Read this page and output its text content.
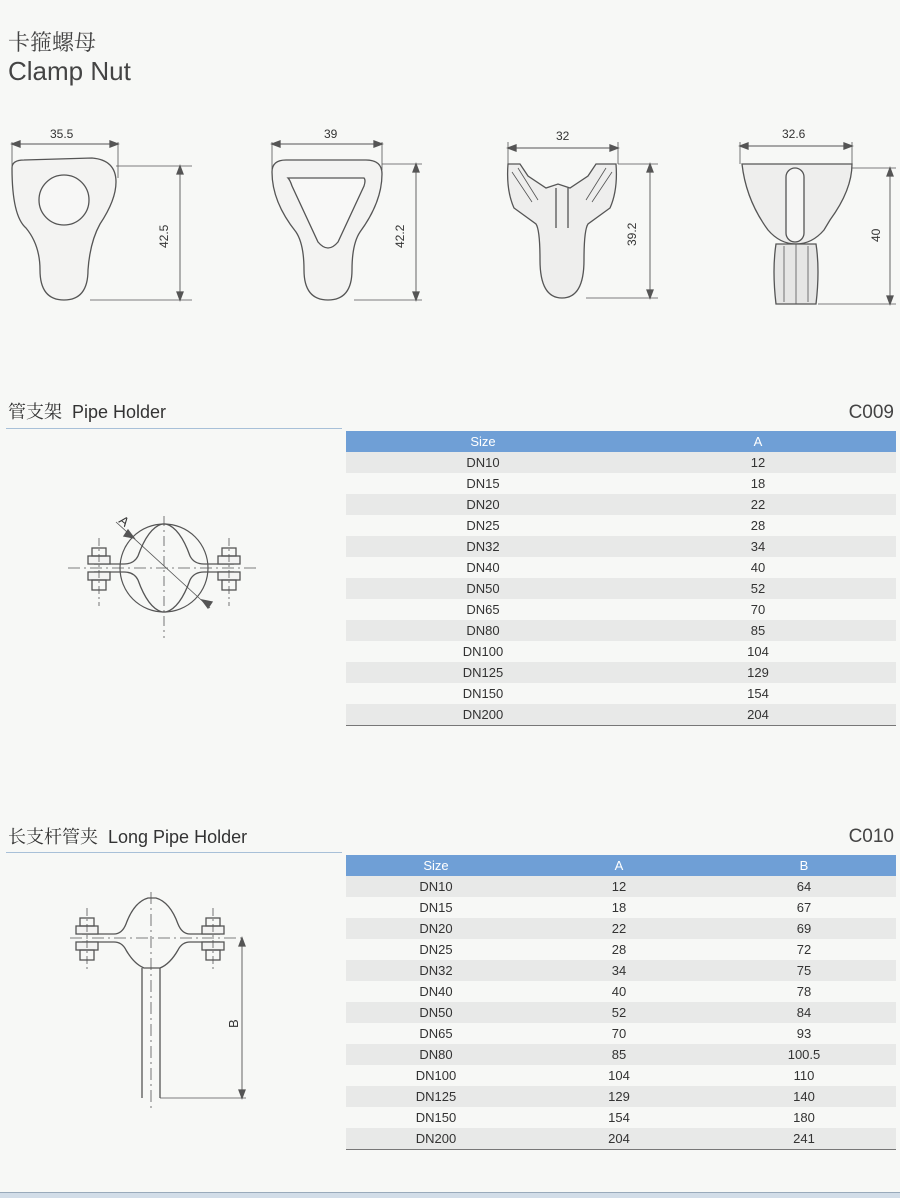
卡箍螺母
Clamp Nut
35.5
42.5
39
42.2
32
39.2
32.6
40
管支架 Pipe Holder	C009
A
Size	A
DN10	12
DN15	18
DN20	22
DN25	28
DN32	34
DN40	40
DN50	52
DN65	70
DN80	85
DN100	104
DN125	129
DN150	154
DN200	204
长支杆管夹 Long Pipe Holder	C010
B
Size	A	B
DN10	12	64
DN15	18	67
DN20	22	69
DN25	28	72
DN32	34	75
DN40	40	78
DN50	52	84
DN65	70	93
DN80	85	100.5
DN100	104	110
DN125	129	140
DN150	154	180
DN200	204	241
